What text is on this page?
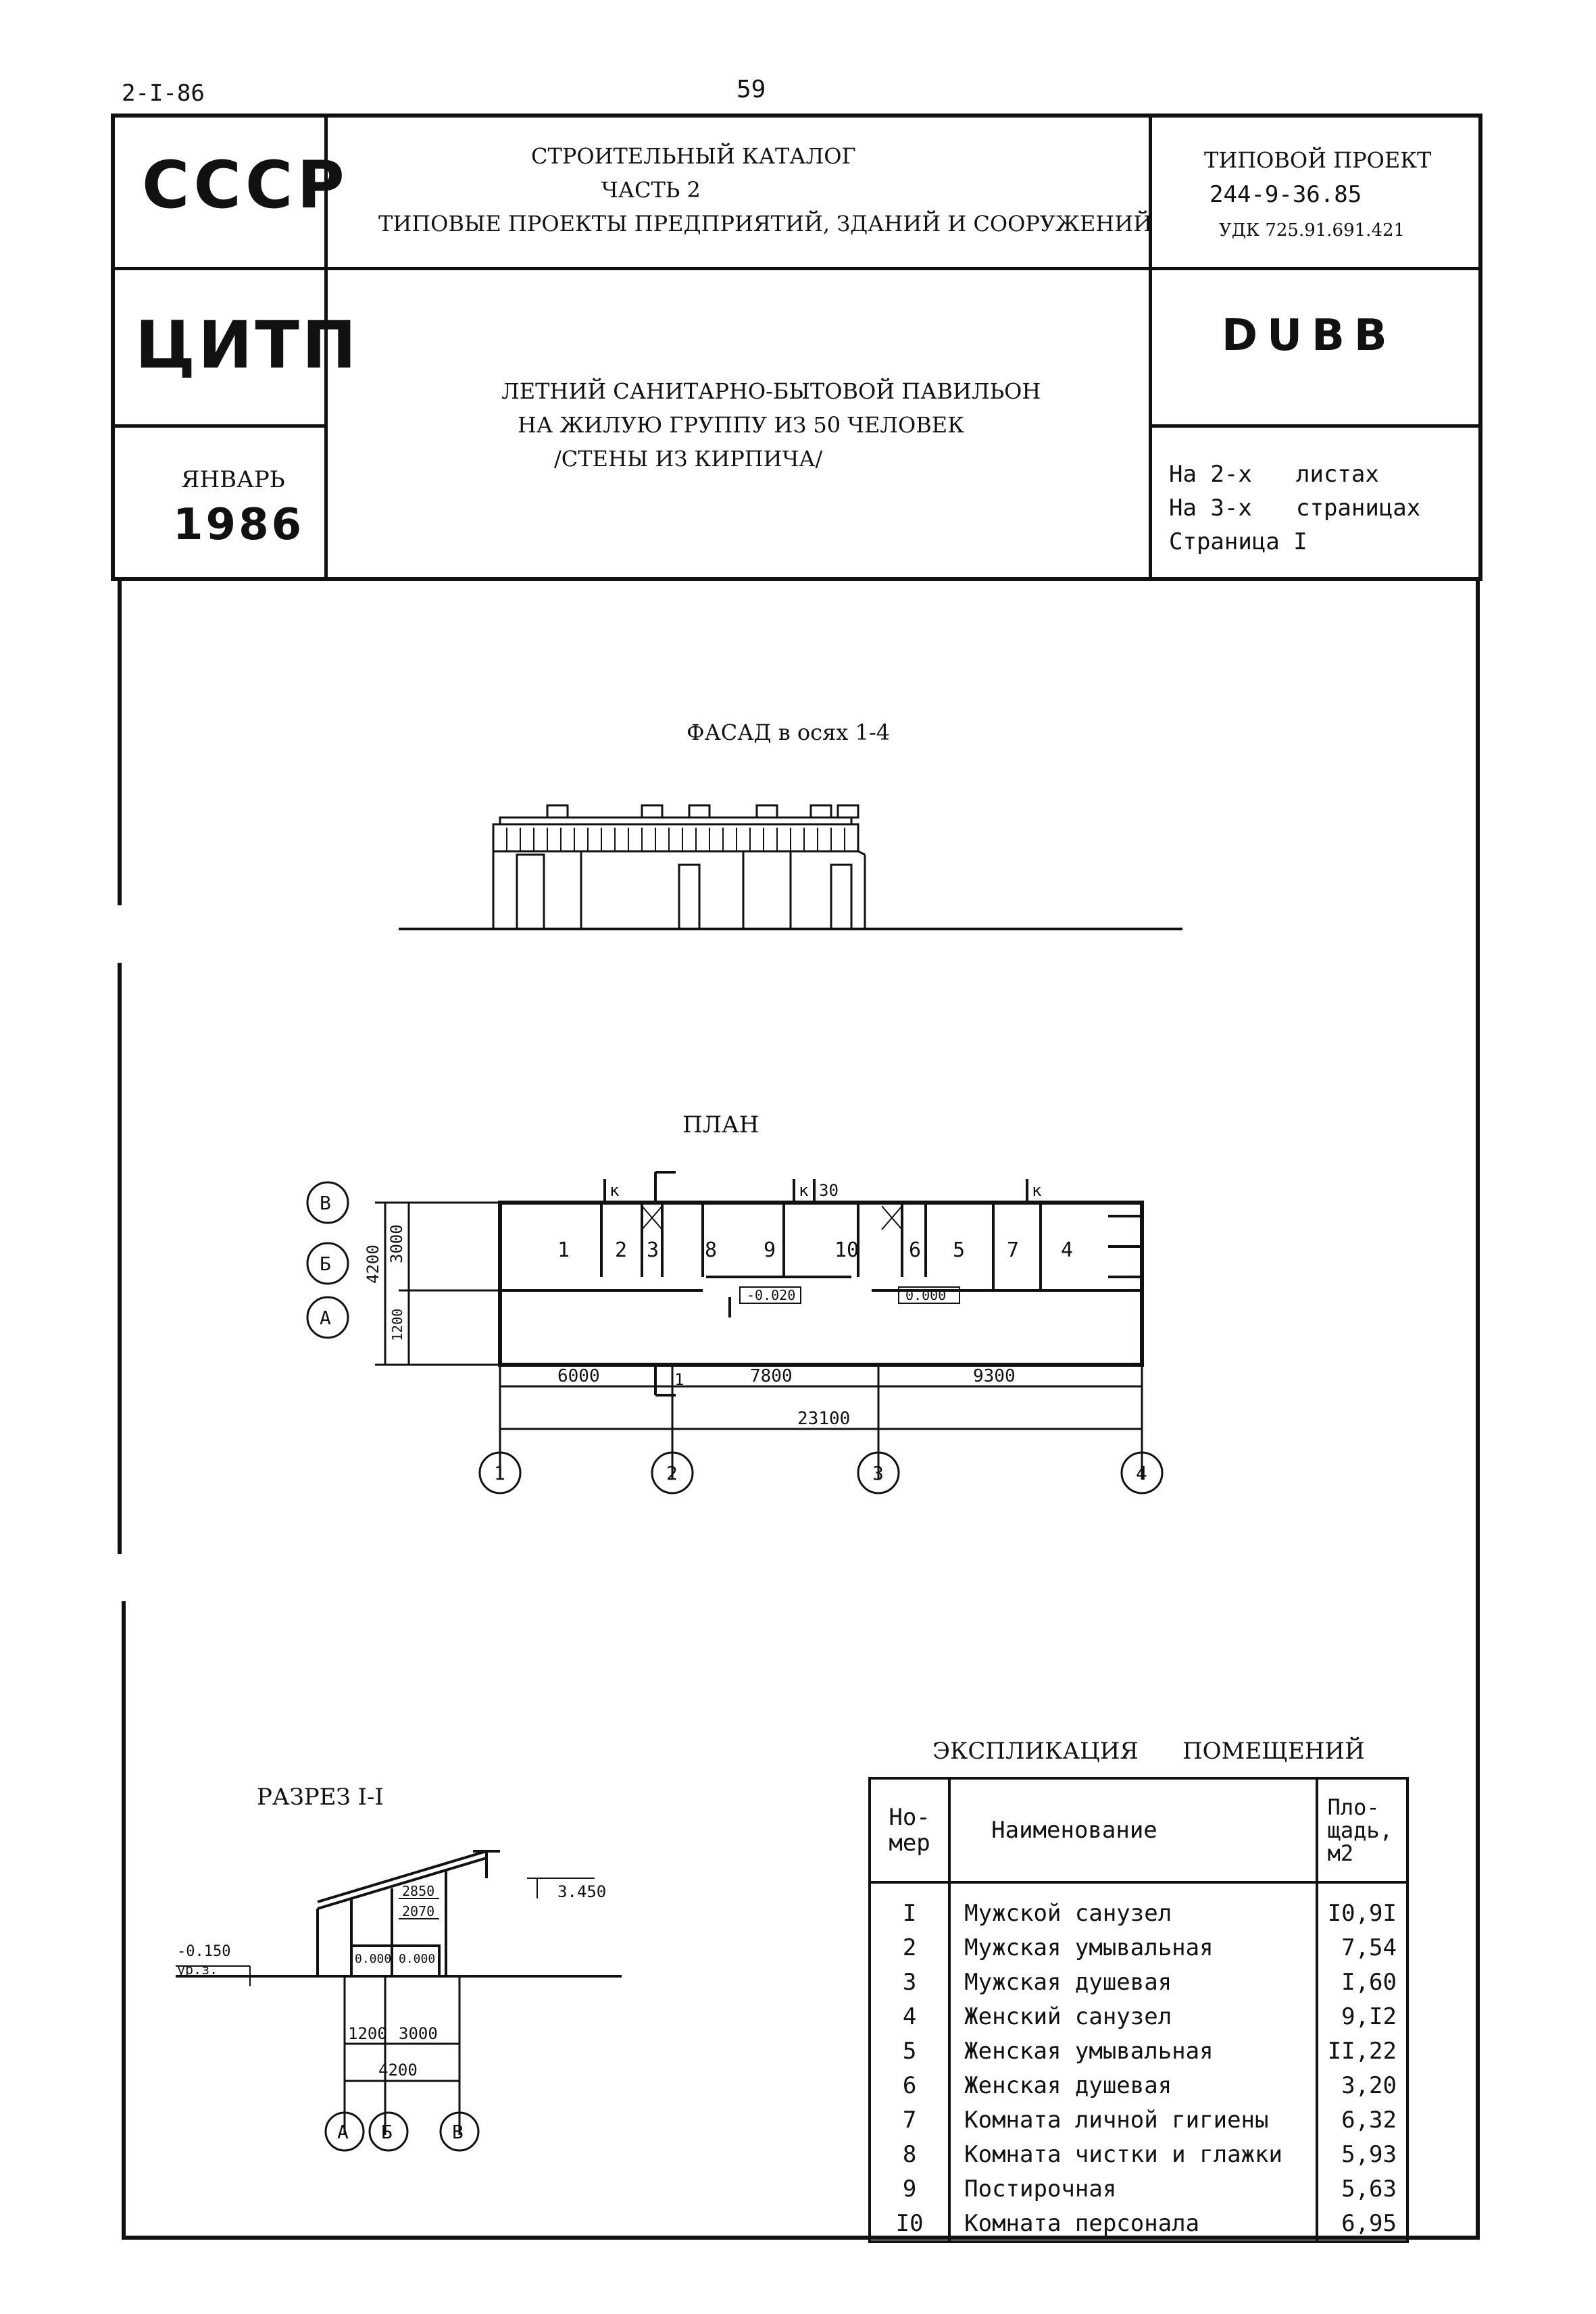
2-I-86	59
СССР
ЦИТП
ЯНВАРЬ
1986
СТРОИТЕЛЬНЫЙ КАТАЛОГ
ЧАСТЬ 2
ТИПОВЫЕ ПРОЕКТЫ ПРЕДПРИЯТИЙ, ЗДАНИЙ И СООРУЖЕНИЙ
ТИПОВОЙ ПРОЕКТ
244-9-36.85
УДК 725.91.691.421
DUBB
ЛЕТНИЙ САНИТАРНО-БЫТОВОЙ ПАВИЛЬОН
НА ЖИЛУЮ ГРУППУ ИЗ 50 ЧЕЛОВЕК
/СТЕНЫ ИЗ КИРПИЧА/
На 2-х листах
На 3-х страницах
Страница I
ФАСАД в осях 1-4
ПЛАН
1 2 3 8 9	10 6 5 7 4
к	к 30	к
1
-0.020	0.000
4200
3000
1200
В
Б
А
6000	7800	9300
23100
1	2	3	4
РАЗРЕЗ I-I
3.450
-0.150
ур.з.
2850
2070
0.000 0.000
1200 3000
4200
А Б	В
ЭКСПЛИКАЦИЯ ПОМЕЩЕНИЙ
Но-
мер	Наименование	Пло-
щадь,
м2
I	Мужской санузел	I0,9I
2	Мужская умывальная	7,54
3	Мужская душевая	I,60
4	Женский санузел	9,I2
5	Женская умывальная	II,22
6	Женская душевая	3,20
7	Комната личной гигиены	6,32
8	Комната чистки и глажки	5,93
9	Постирочная	5,63
I0	Комната персонала	6,95
